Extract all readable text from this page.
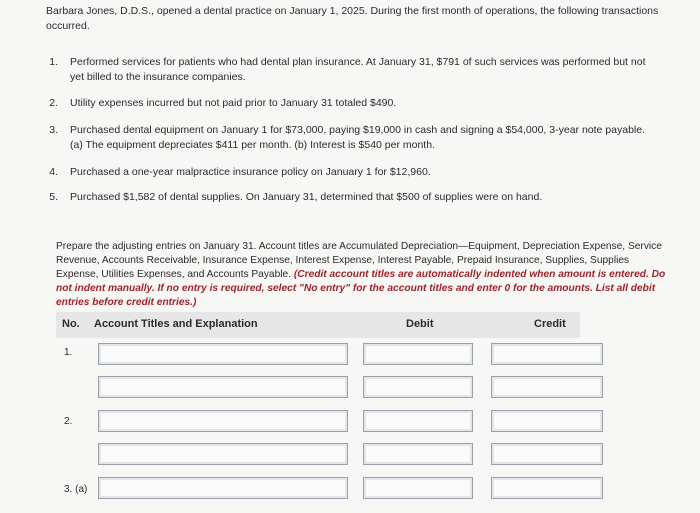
Barbara Jones, D.D.S., opened a dental practice on January 1, 2025. During the first month of operations, the following transactions occurred.
1. Performed services for patients who had dental plan insurance. At January 31, $791 of such services was performed but not yet billed to the insurance companies.
2. Utility expenses incurred but not paid prior to January 31 totaled $490.
3. Purchased dental equipment on January 1 for $73,000, paying $19,000 in cash and signing a $54,000, 3-year note payable. (a) The equipment depreciates $411 per month. (b) Interest is $540 per month.
4. Purchased a one-year malpractice insurance policy on January 1 for $12,960.
5. Purchased $1,582 of dental supplies. On January 31, determined that $500 of supplies were on hand.
Prepare the adjusting entries on January 31. Account titles are Accumulated Depreciation—Equipment, Depreciation Expense, Service Revenue, Accounts Receivable, Insurance Expense, Interest Expense, Interest Payable, Prepaid Insurance, Supplies, Supplies Expense, Utilities Expenses, and Accounts Payable. (Credit account titles are automatically indented when amount is entered. Do not indent manually. If no entry is required, select "No entry" for the account titles and enter 0 for the amounts. List all debit entries before credit entries.)
No. Account Titles and Explanation	Debit	Credit
1.
2.
3. (a)
